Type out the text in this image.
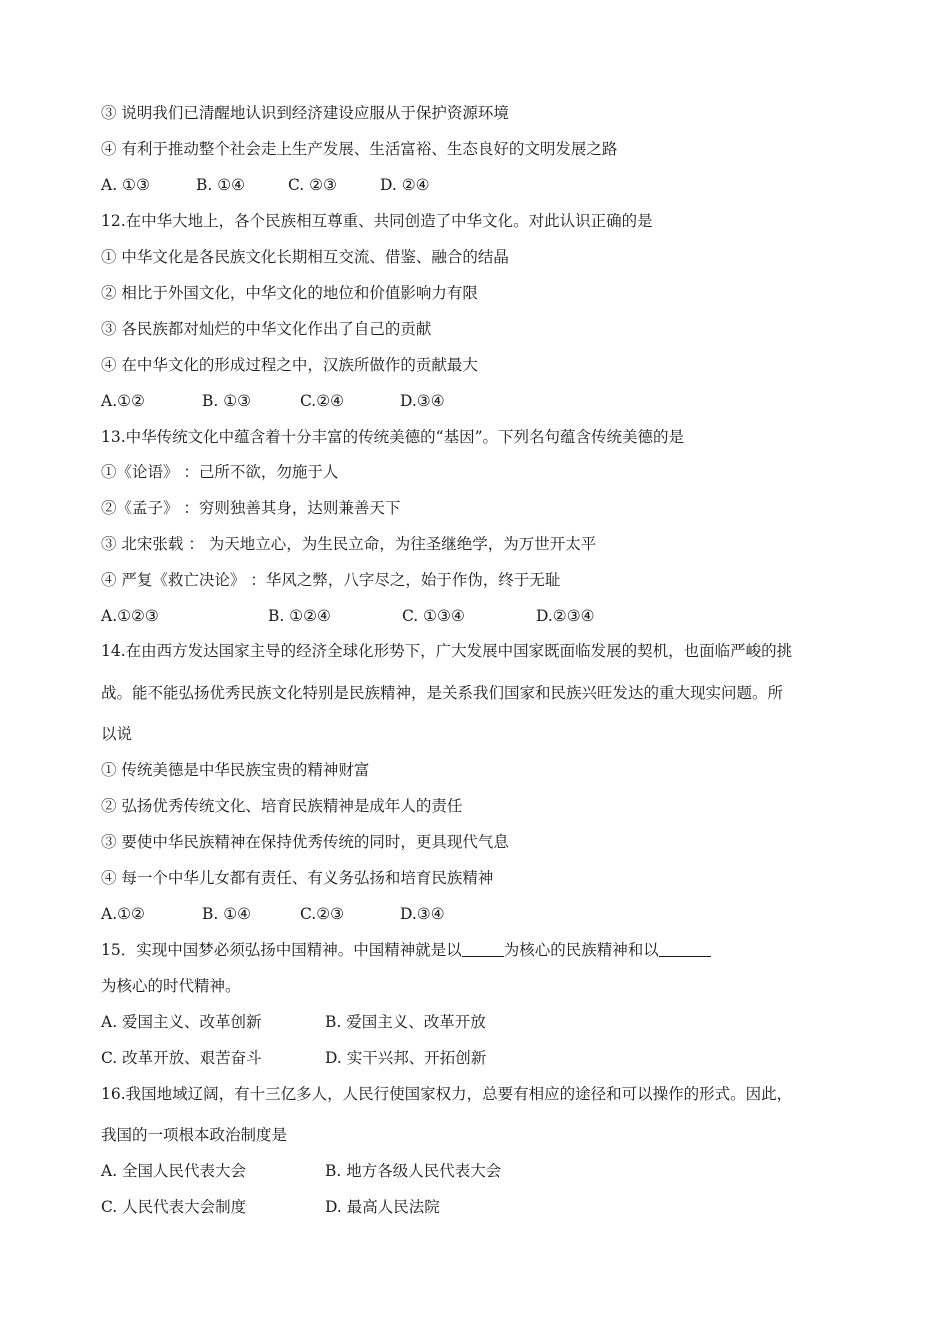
③ 说明我们已清醒地认识到经济建设应服从于保护资源环境
④ 有利于推动整个社会走上生产发展、生活富裕、生态良好的文明发展之路
A. ①③	B. ①④	C. ②③	D. ②④
12.在中华大地上，各个民族相互尊重、共同创造了中华文化。对此认识正确的是
① 中华文化是各民族文化长期相互交流、借鉴、融合的结晶
② 相比于外国文化，中华文化的地位和价值影响力有限
③ 各民族都对灿烂的中华文化作出了自己的贡献
④ 在中华文化的形成过程之中，汉族所做作的贡献最大
A.①②	B. ①③	C.②④	D.③④
13.中华传统文化中蕴含着十分丰富的传统美德的“基因”。下列名句蕴含传统美德的是
①《论语》 ：己所不欲，勿施于人
②《孟子》 ：穷则独善其身，达则兼善天下
③ 北宋张载 ： 为天地立心，为生民立命，为往圣继绝学，为万世开太平
④ 严复《救亡决论》 ：华风之弊，八字尽之，始于作伪，终于无耻
A.①②③	B. ①②④	C. ①③④	D.②③④
14.在由西方发达国家主导的经济全球化形势下，广大发展中国家既面临发展的契机，也面临严峻的挑
战。能不能弘扬优秀民族文化特别是民族精神，是关系我们国家和民族兴旺发达的重大现实问题。所
以说
① 传统美德是中华民族宝贵的精神财富
② 弘扬优秀传统文化、培育民族精神是成年人的责任
③ 要使中华民族精神在保持优秀传统的同时，更具现代气息
④ 每一个中华儿女都有责任、有义务弘扬和培育民族精神
A.①②	B. ①④	C.②③	D.③④
15．实现中国梦必须弘扬中国精神。中国精神就是以	为核心的民族精神和以
为核心的时代精神。
A. 爱国主义、改革创新	B. 爱国主义、改革开放
C. 改革开放、艰苦奋斗	D. 实干兴邦、开拓创新
16.我国地域辽阔，有十三亿多人，人民行使国家权力，总要有相应的途径和可以操作的形式。因此，
我国的一项根本政治制度是
A. 全国人民代表大会	B. 地方各级人民代表大会
C. 人民代表大会制度	D. 最高人民法院
